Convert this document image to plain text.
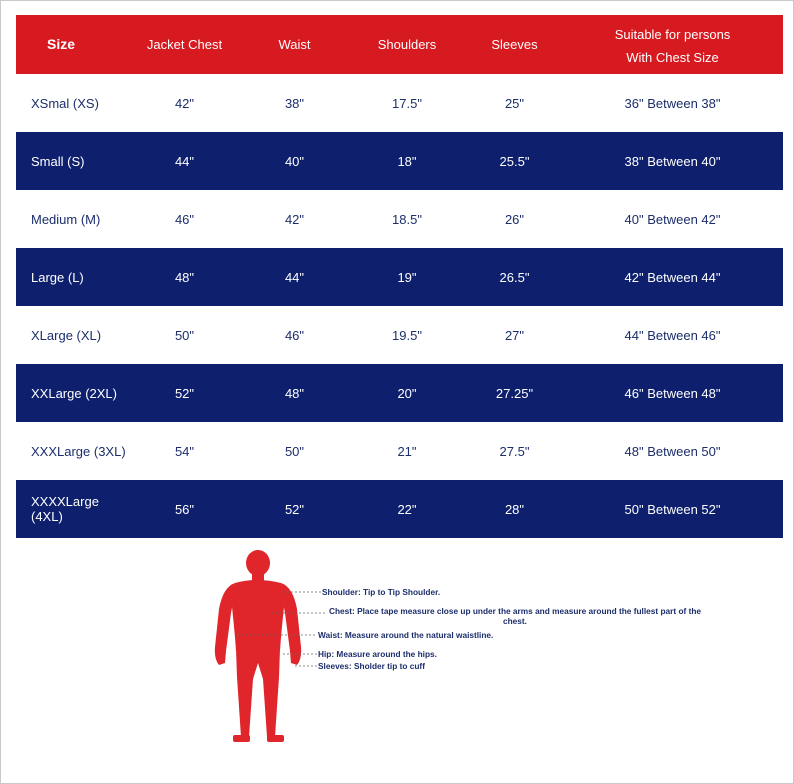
Size	Jacket Chest	Waist	Shoulders	Sleeves	Suitable for persons
With Chest Size

XSmal (XS)	42"	38"	17.5"	25"	36" Between 38"
Small (S)	44"	40"	18"	25.5"	38" Between 40"
Medium (M)	46"	42"	18.5"	26"	40" Between 42"
Large (L)	48"	44"	19"	26.5"	42" Between 44"
XLarge (XL)	50"	46"	19.5"	27"	44" Between 46"
XXLarge (2XL)	52"	48"	20"	27.25"	46" Between 48"
XXXLarge (3XL)	54"	50"	21"	27.5"	48" Between 50"
XXXXLarge (4XL)	56"	52"	22"	28"	50" Between 52"
Shoulder: Tip to Tip Shoulder.
Chest: Place tape measure close up under the arms and measure around the fullest part of the chest.
Waist: Measure around the natural waistline.
Hip: Measure around the hips.
Sleeves: Sholder tip to cuff
